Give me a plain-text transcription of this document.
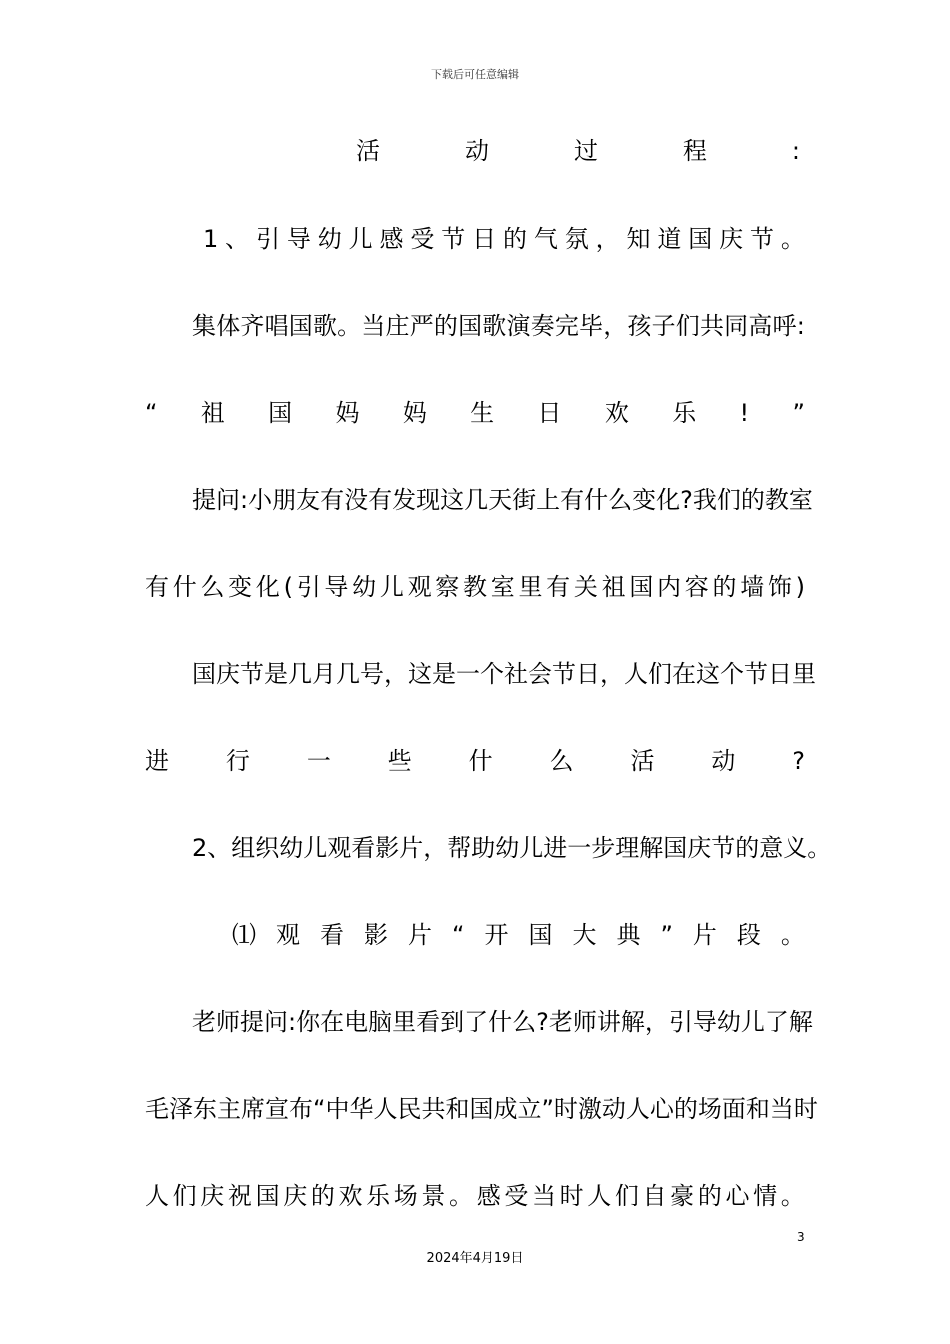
下载后可任意编辑
活	动	过	程	:
1 、 引 导 幼 儿 感 受 节 日 的 气 氛 ， 知 道 国 庆 节 。
集 体 齐 唱 国 歌 。 当 庄 严 的 国 歌 演 奏 完 毕 ， 孩 子 们 共 同 高 呼 :
“ 祖 国 妈 妈 生 日 欢 乐 ! ”
提 问 : 小 朋 友 有 没 有 发 现 这 几 天 街 上 有 什 么 变 化 ? 我 们 的 教 室
有 什 么 变 化 ( 引 导 幼 儿 观 察 教 室 里 有 关 祖 国 内 容 的 墙 饰 )
国 庆 节 是 几 月 几 号 ， 这 是 一 个 社 会 节 日 ， 人 们 在 这 个 节 日 里
进 行 一 些 什 么 活 动 ?
2 、 组 织 幼 儿 观 看 影 片 ， 帮 助 幼 儿 进 一 步 理 解 国 庆 节 的 意 义 。
⑴ 观 看 影 片 “ 开 国 大 典 ” 片 段 。
老 师 提 问 : 你 在 电 脑 里 看 到 了 什 么 ? 老 师 讲 解 ， 引 导 幼 儿 了 解
毛 泽 东 主 席 宣 布 “ 中 华 人 民 共 和 国 成 立 ” 时 激 动 人 心 的 场 面 和 当 时
人 们 庆 祝 国 庆 的 欢 乐 场 景 。 感 受 当 时 人 们 自 豪 的 心 情 。
3
2024年4月19日
